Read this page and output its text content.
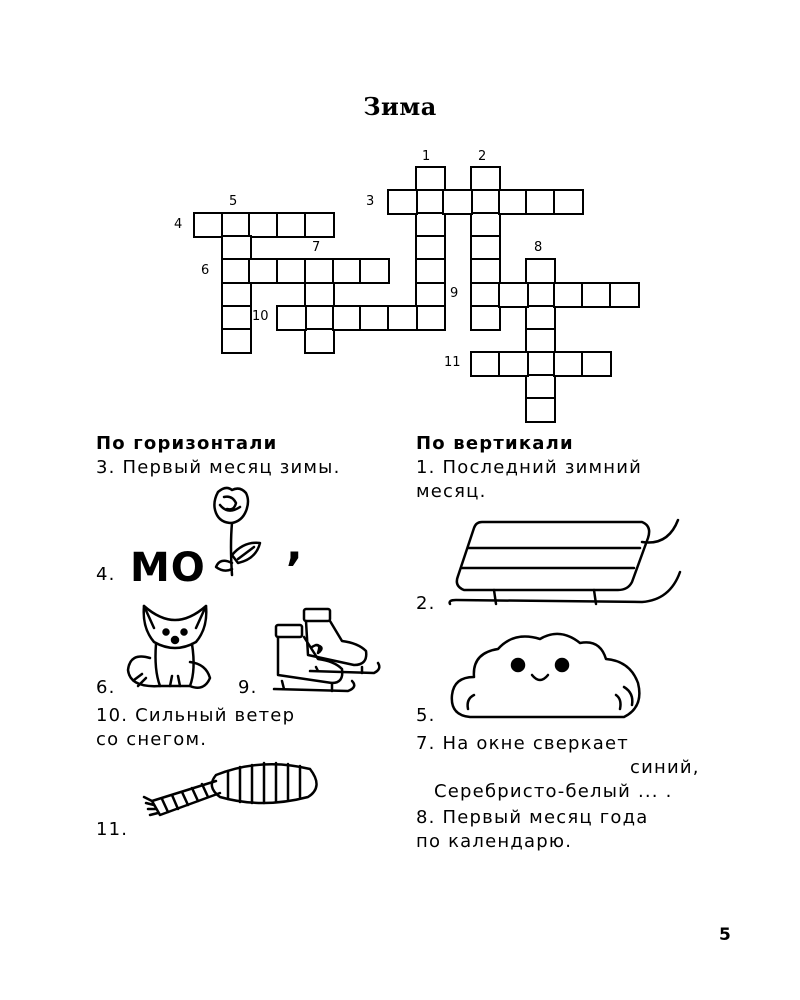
Зима
1	2
3
4
5
6
7	8
9
10
11
По горизонтали
3. Первый месяц зимы.
4. МО ,
6.	9.
10. Сильный ветер
со снегом.
11.
По вертикали
1. Последний зимний
месяц.
2.
5.
7. На окне сверкает
синий,
Серебристо-белый ... .
8. Первый месяц года
по календарю.
5
